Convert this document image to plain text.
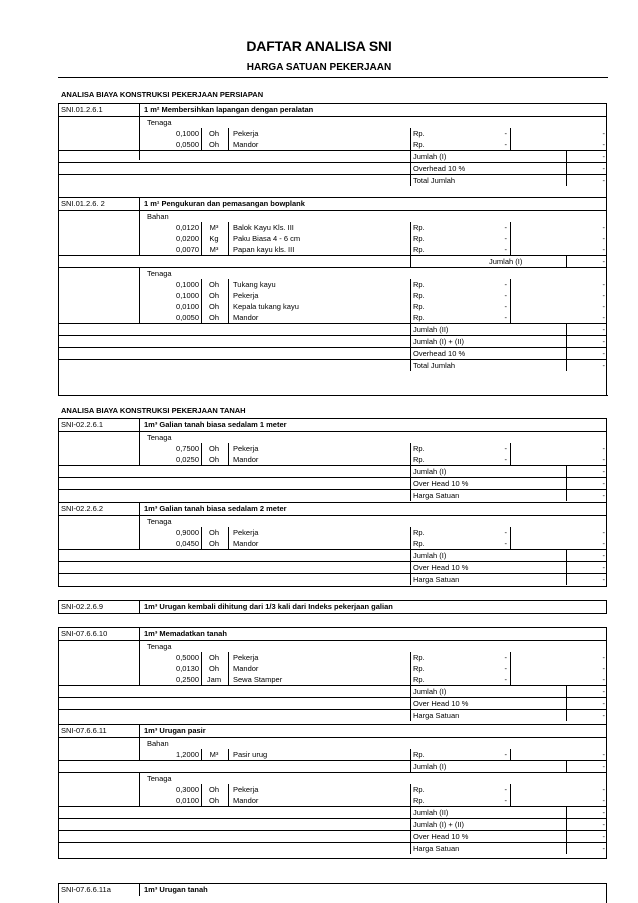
DAFTAR ANALISA SNI
HARGA SATUAN PEKERJAAN
ANALISA BIAYA KONSTRUKSI PEKERJAAN PERSIAPAN
SNI.01.2.6.1	1 m² Membersihkan lapangan dengan peralatan
Tenaga
0,1000	Oh	Pekerja	Rp.	-	-
0,0500	Oh	Mandor	Rp.	-	-
Jumlah (I)	-
Overhead 10 %	-
Total Jumlah	-
SNI.01.2.6. 2	1 m¹ Pengukuran dan pemasangan bowplank
Bahan
0,0120	M³	Balok Kayu Kls. III	Rp.	-	-
0,0200	Kg	Paku Biasa 4 - 6 cm	Rp.	-	-
0,0070	M³	Papan kayu kls. III	Rp.	-	-
Jumlah (I)	-
Tenaga
0,1000	Oh	Tukang kayu	Rp.	-	-
0,1000	Oh	Pekerja	Rp.	-	-
0,0100	Oh	Kepala tukang kayu	Rp.	-	-
0,0050	Oh	Mandor	Rp.	-	-
Jumlah (II)	-
Jumlah (I) + (II)	-
Overhead 10 %	-
Total Jumlah	-
ANALISA BIAYA KONSTRUKSI PEKERJAAN TANAH
SNI-02.2.6.1	1m³ Galian tanah biasa sedalam 1 meter
Tenaga
0,7500	Oh	Pekerja	Rp.	-	-
0,0250	Oh	Mandor	Rp.	-	-
Jumlah (I)	-
Over Head 10 %	-
Harga Satuan	-
SNI-02.2.6.2	1m³ Galian tanah biasa sedalam 2 meter
Tenaga
0,9000	Oh	Pekerja	Rp.	-	-
0,0450	Oh	Mandor	Rp.	-	-
Jumlah (I)	-
Over Head 10 %	-
Harga Satuan	-
SNI-02.2.6.9	1m³ Urugan kembali dihitung dari 1/3 kali dari Indeks pekerjaan galian
SNI-07.6.6.10	1m³ Memadatkan tanah
Tenaga
0,5000	Oh	Pekerja	Rp.	-	-
0,0130	Oh	Mandor	Rp.	-	-
0,2500	Jam	Sewa Stamper	Rp.	-	-
Jumlah (I)	-
Over Head 10 %	-
Harga Satuan	-
SNI-07.6.6.11	1m³ Urugan pasir
Bahan
1,2000	M³	Pasir urug	Rp.	-	-
Jumlah (I)	-
Tenaga
0,3000	Oh	Pekerja	Rp.	-	-
0,0100	Oh	Mandor	Rp.	-	-
Jumlah (II)	-
Jumlah (I) + (II)	-
Over Head 10 %	-
Harga Satuan	-
SNI-07.6.6.11a	1m³ Urugan tanah
